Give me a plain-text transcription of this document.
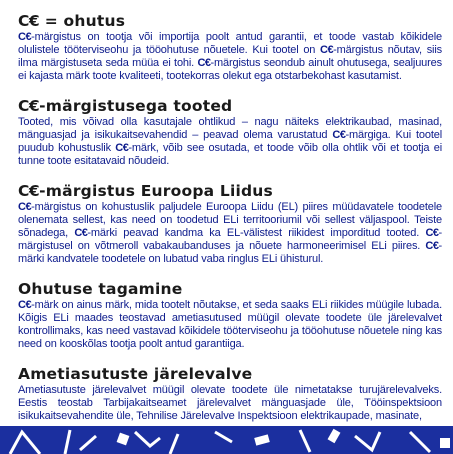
C€ = ohutus

C€-märgistus on tootja või importija poolt antud garantii, et toode vastab kõikidele olulistele tööterviseohu ja tööohutuse nõuetele. Kui tootel on C€-märgistus nõutav, siis ilma märgistuseta seda müüa ei tohi. C€-märgistus seondub ainult ohutusega, sealjuures ei kajasta märk toote kvaliteeti, tootekorras olekut ega otstarbekohast kasutamist.

C€-märgistusega tooted

Tooted, mis võivad olla kasutajale ohtlikud – nagu näiteks elektrikaubad, masinad, mänguasjad ja isikukaitsevahendid – peavad olema varustatud C€-märgiga. Kui tootel puudub kohustuslik C€-märk, võib see osutada, et toode võib olla ohtlik või et tootja ei tunne toote esitatavaid nõudeid.

C€-märgistus Euroopa Liidus

C€-märgistus on kohustuslik paljudele Euroopa Liidu (EL) piires müüdavatele toodetele olenemata sellest, kas need on toodetud ELi territooriumil või sellest väljaspool. Teiste sõnadega, C€-märki peavad kandma ka EL-välistest riikidest imporditud tooted. C€-märgistusel on võtmeroll vabakaubanduses ja nõuete harmoneerimisel ELi piires. C€-märki kandvatele toodetele on lubatud vaba ringlus ELi ühisturul.

Ohutuse tagamine

C€-märk on ainus märk, mida tootelt nõutakse, et seda saaks ELi riikides müügile lubada. Kõigis ELi maades teostavad ametiasutused müügil olevate toodete üle järelevalvet kontrollimaks, kas need vastavad kõikidele tööterviseohu ja tööohutuse nõuetele ning kas need on kooskõlas tootja poolt antud garantiiga.

Ametiasutuste järelevalve

Ametiasutuste järelevalvet müügil olevate toodete üle nimetatakse turujärelevalveks. Eestis teostab Tarbijakaitseamet järelevalvet mänguasjade üle, Tööinspektsioon isikukaitsevahendite üle, Tehnilise Järelevalve Inspektsioon elektrikaupade, masinate,
